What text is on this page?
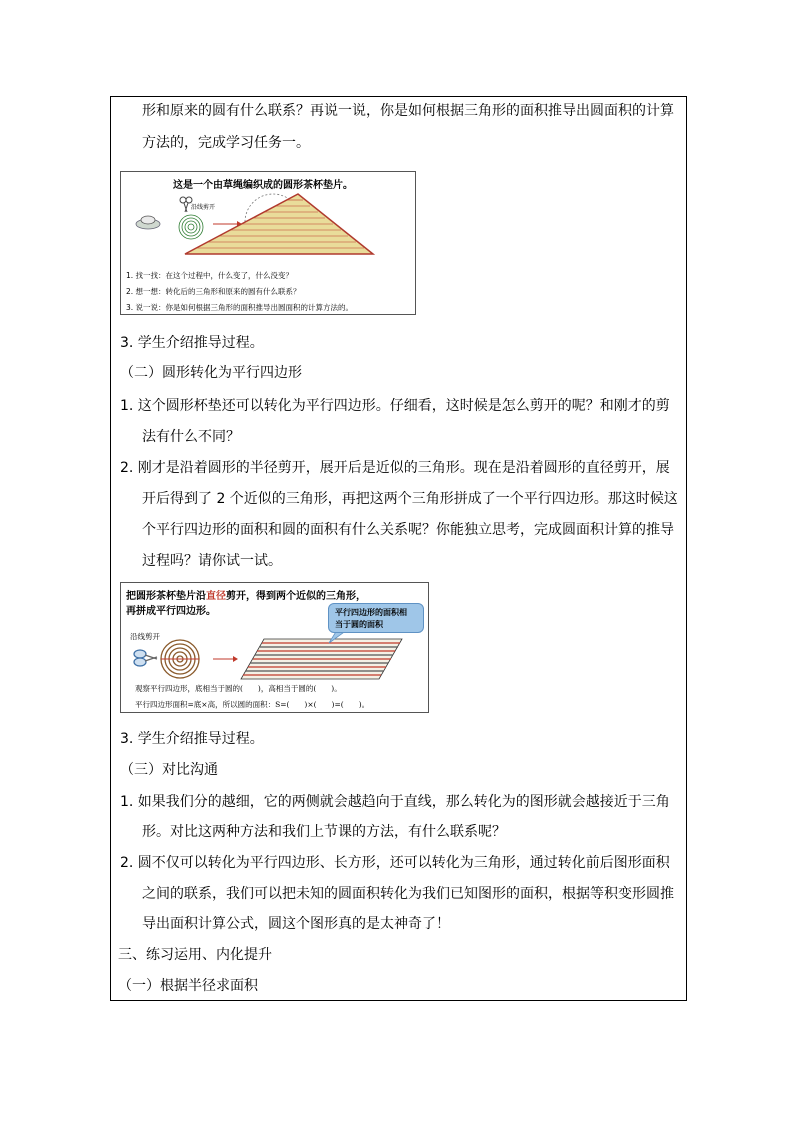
形和原来的圆有什么联系？再说一说，你是如何根据三角形的面积推导出圆面积的计算
方法的，完成学习任务一。
这是一个由草绳编织成的圆形茶杯垫片。
沿线剪开
1. 找一找：在这个过程中，什么变了，什么没变？
2. 想一想：转化后的三角形和原来的圆有什么联系？
3. 说一说：你是如何根据三角形的面积推导出圆面积的计算方法的。
3. 学生介绍推导过程。
（二）圆形转化为平行四边形
1. 这个圆形杯垫还可以转化为平行四边形。仔细看，这时候是怎么剪开的呢？和刚才的剪
法有什么不同？
2. 刚才是沿着圆形的半径剪开，展开后是近似的三角形。现在是沿着圆形的直径剪开，展
开后得到了 2 个近似的三角形，再把这两个三角形拼成了一个平行四边形。那这时候这
个平行四边形的面积和圆的面积有什么关系呢？你能独立思考，完成圆面积计算的推导
过程吗？请你试一试。
把圆形茶杯垫片沿直径剪开，得到两个近似的三角形，
再拼成平行四边形。	平行四边形的面积相
当于圆的面积
沿线剪开
观察平行四边形，底相当于圆的(　　)，高相当于圆的(　　)。
平行四边形面积=底×高，所以圆的面积：S=(　　)×(　　)=(　　)。
3. 学生介绍推导过程。
（三）对比沟通
1. 如果我们分的越细，它的两侧就会越趋向于直线，那么转化为的图形就会越接近于三角
形。对比这两种方法和我们上节课的方法，有什么联系呢？
2. 圆不仅可以转化为平行四边形、长方形，还可以转化为三角形，通过转化前后图形面积
之间的联系，我们可以把未知的圆面积转化为我们已知图形的面积，根据等积变形圆推
导出面积计算公式，圆这个图形真的是太神奇了！
三、练习运用、内化提升
（一）根据半径求面积
